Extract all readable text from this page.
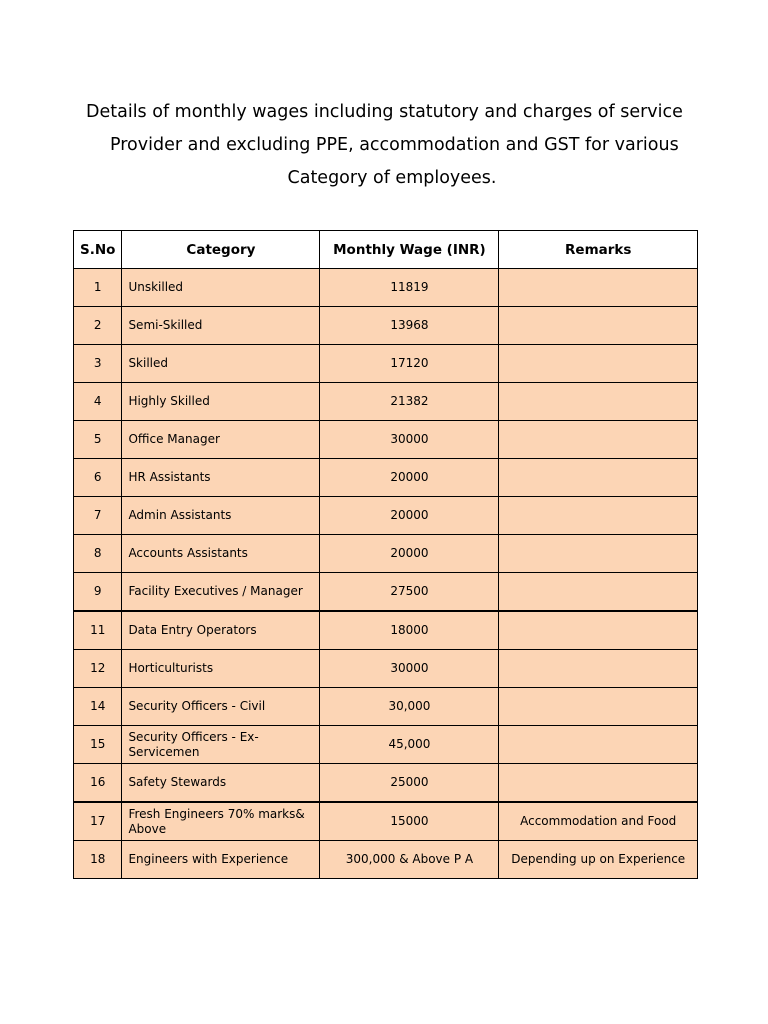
Details of monthly wages including statutory and charges of service
Provider and excluding PPE, accommodation and GST for various
Category of employees.
S.No	Category	Monthly Wage (INR)	Remarks
1	Unskilled	11819	
2	Semi-Skilled	13968	
3	Skilled	17120	
4	Highly Skilled	21382	
5	Office Manager	30000	
6	HR Assistants	20000	
7	Admin Assistants	20000	
8	Accounts Assistants	20000	
9	Facility Executives / Manager	27500	
11	Data Entry Operators	18000	
12	Horticulturists	30000	
14	Security Officers - Civil	30,000	
15	Security Officers - Ex-Servicemen	45,000	
16	Safety Stewards	25000	
17	Fresh Engineers 70% marks& Above	15000	Accommodation and Food
18	Engineers with Experience	300,000 & Above P A	Depending up on Experience
